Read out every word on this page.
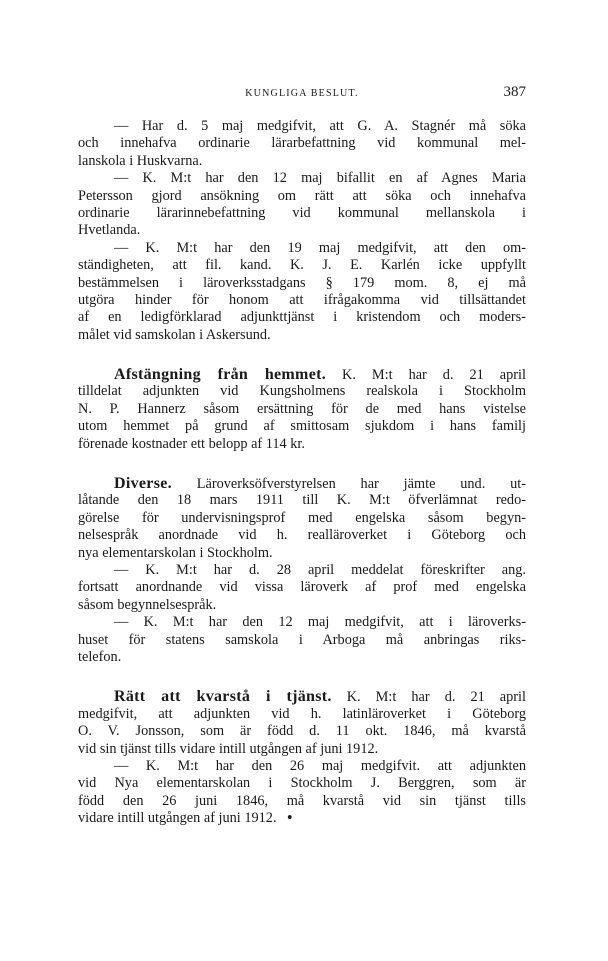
KUNGLIGA BESLUT.	387
— Har d. 5 maj medgifvit, att G. A. Stagnér må söka
och innehafva ordinarie lärarbefattning vid kommunal mel-
lanskola i Huskvarna.
— K. M:t har den 12 maj bifallit en af Agnes Maria
Petersson gjord ansökning om rätt att söka och innehafva
ordinarie lärarinnebefattning vid kommunal mellanskola i
Hvetlanda.
— K. M:t har den 19 maj medgifvit, att den om-
ständigheten, att fil. kand. K. J. E. Karlén icke uppfyllt
bestämmelsen i läroverksstadgans § 179 mom. 8, ej må
utgöra hinder för honom att ifrågakomma vid tillsättandet
af en ledigförklarad adjunkttjänst i kristendom och moders-
målet vid samskolan i Askersund.
Afstängning från hemmet. K. M:t har d. 21 april
tilldelat adjunkten vid Kungsholmens realskola i Stockholm
N. P. Hannerz såsom ersättning för de med hans vistelse
utom hemmet på grund af smittosam sjukdom i hans familj
förenade kostnader ett belopp af 114 kr.
Diverse. Läroverksöfverstyrelsen har jämte und. ut-
låtande den 18 mars 1911 till K. M:t öfverlämnat redo-
görelse för undervisningsprof med engelska såsom begyn-
nelsespråk anordnade vid h. realläroverket i Göteborg och
nya elementarskolan i Stockholm.
— K. M:t har d. 28 april meddelat föreskrifter ang.
fortsatt anordnande vid vissa läroverk af prof med engelska
såsom begynnelsespråk.
— K. M:t har den 12 maj medgifvit, att i läroverks-
huset för statens samskola i Arboga må anbringas riks-
telefon.
Rätt att kvarstå i tjänst. K. M:t har d. 21 april
medgifvit, att adjunkten vid h. latinläroverket i Göteborg
O. V. Jonsson, som är född d. 11 okt. 1846, må kvarstå
vid sin tjänst tills vidare intill utgången af juni 1912.
— K. M:t har den 26 maj medgifvit. att adjunkten
vid Nya elementarskolan i Stockholm J. Berggren, som är
född den 26 juni 1846, må kvarstå vid sin tjänst tills
vidare intill utgången af juni 1912. •
